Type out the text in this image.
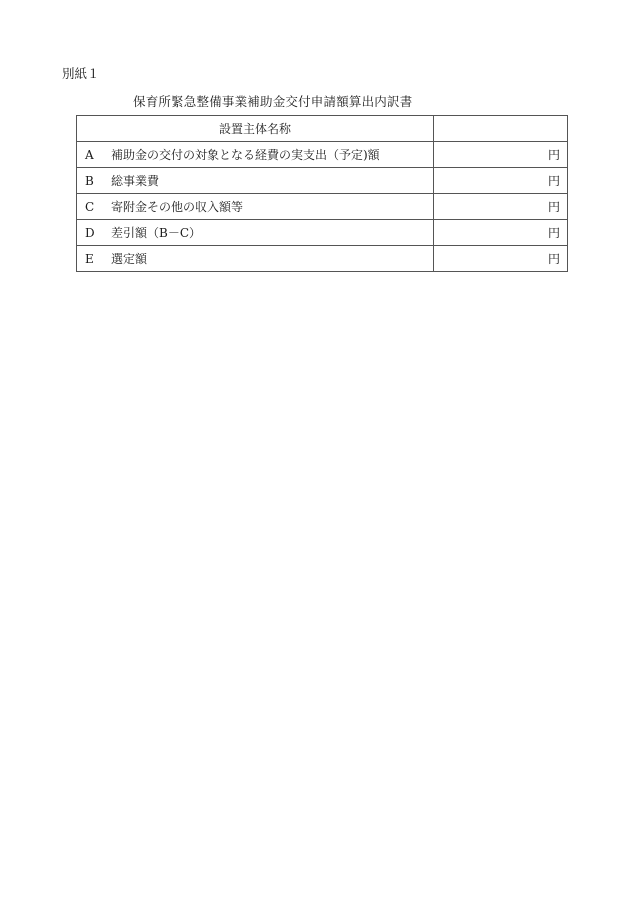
別紙１
保育所緊急整備事業補助金交付申請額算出内訳書
設置主体名称	
A 補助金の交付の対象となる経費の実支出（予定)額	円
B 総事業費	円
C 寄附金その他の収入額等	円
D 差引額（B－C）	円
E 選定額	円
